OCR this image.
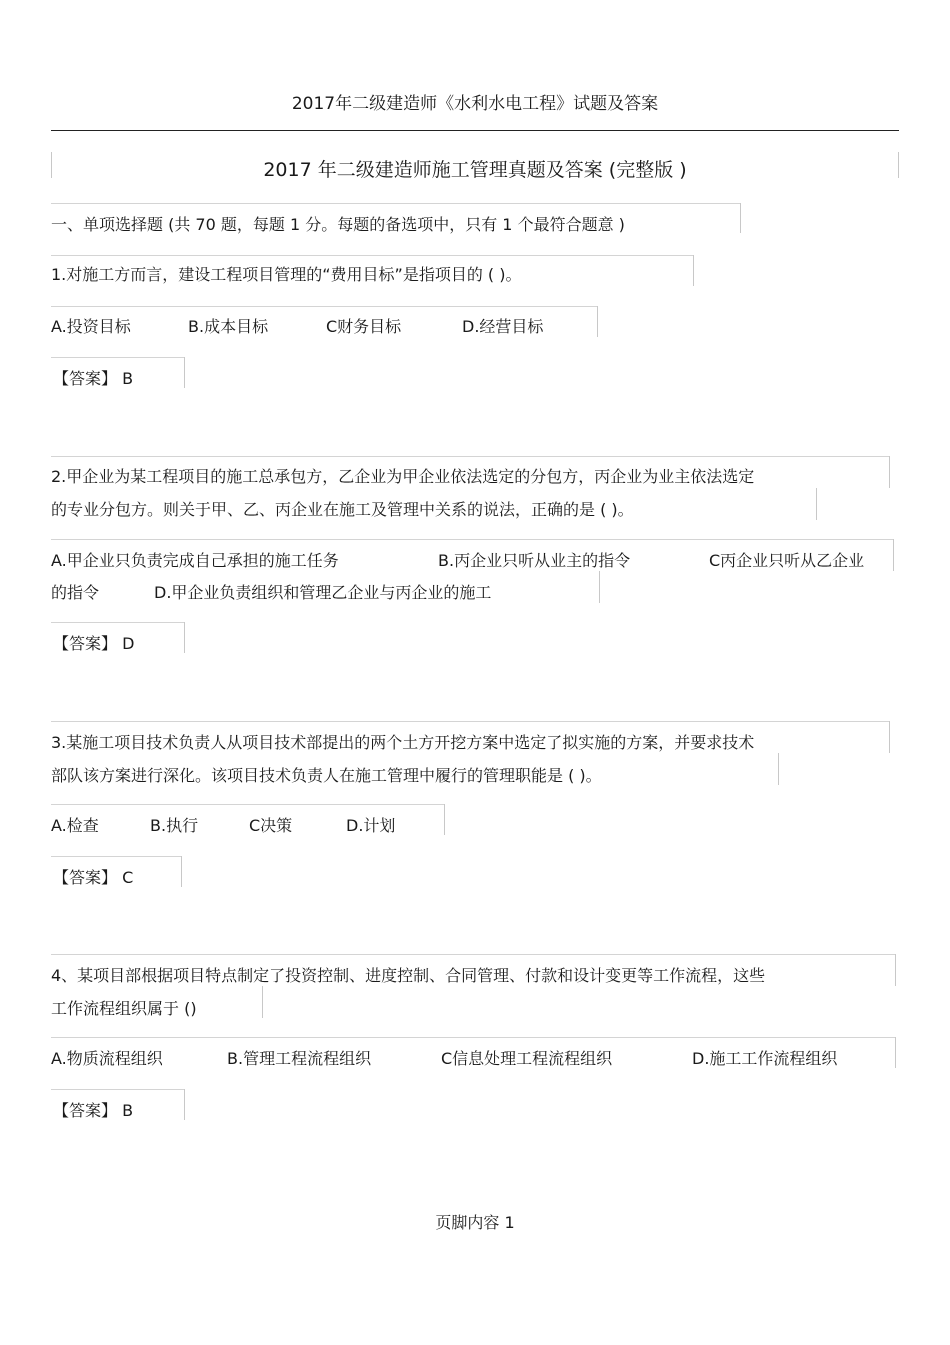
2017年二级建造师《水利水电工程》试题及答案
2017 年二级建造师施工管理真题及答案 (完整版 )
一、单项选择题 (共 70 题，每题 1 分。每题的备选项中，只有 1 个最符合题意 )
1.对施工方而言，建设工程项目管理的“费用目标”是指项目的 ( )。
A.投资目标	B.成本目标	C财务目标	D.经营目标
【答案】 B
2.甲企业为某工程项目的施工总承包方，乙企业为甲企业依法选定的分包方，丙企业为业主依法选定
的专业分包方。则关于甲、乙、丙企业在施工及管理中关系的说法，正确的是 ( )。
A.甲企业只负责完成自己承担的施工任务	B.丙企业只听从业主的指令	C丙企业只听从乙企业
的指令	D.甲企业负责组织和管理乙企业与丙企业的施工
【答案】 D
3.某施工项目技术负责人从项目技术部提出的两个土方开挖方案中选定了拟实施的方案，并要求技术
部队该方案进行深化。该项目技术负责人在施工管理中履行的管理职能是 ( )。
A.检查	B.执行	C决策	D.计划
【答案】 C
4、某项目部根据项目特点制定了投资控制、进度控制、合同管理、付款和设计变更等工作流程，这些
工作流程组织属于 ()
A.物质流程组织	B.管理工程流程组织	C信息处理工程流程组织	D.施工工作流程组织
【答案】 B
页脚内容 1
